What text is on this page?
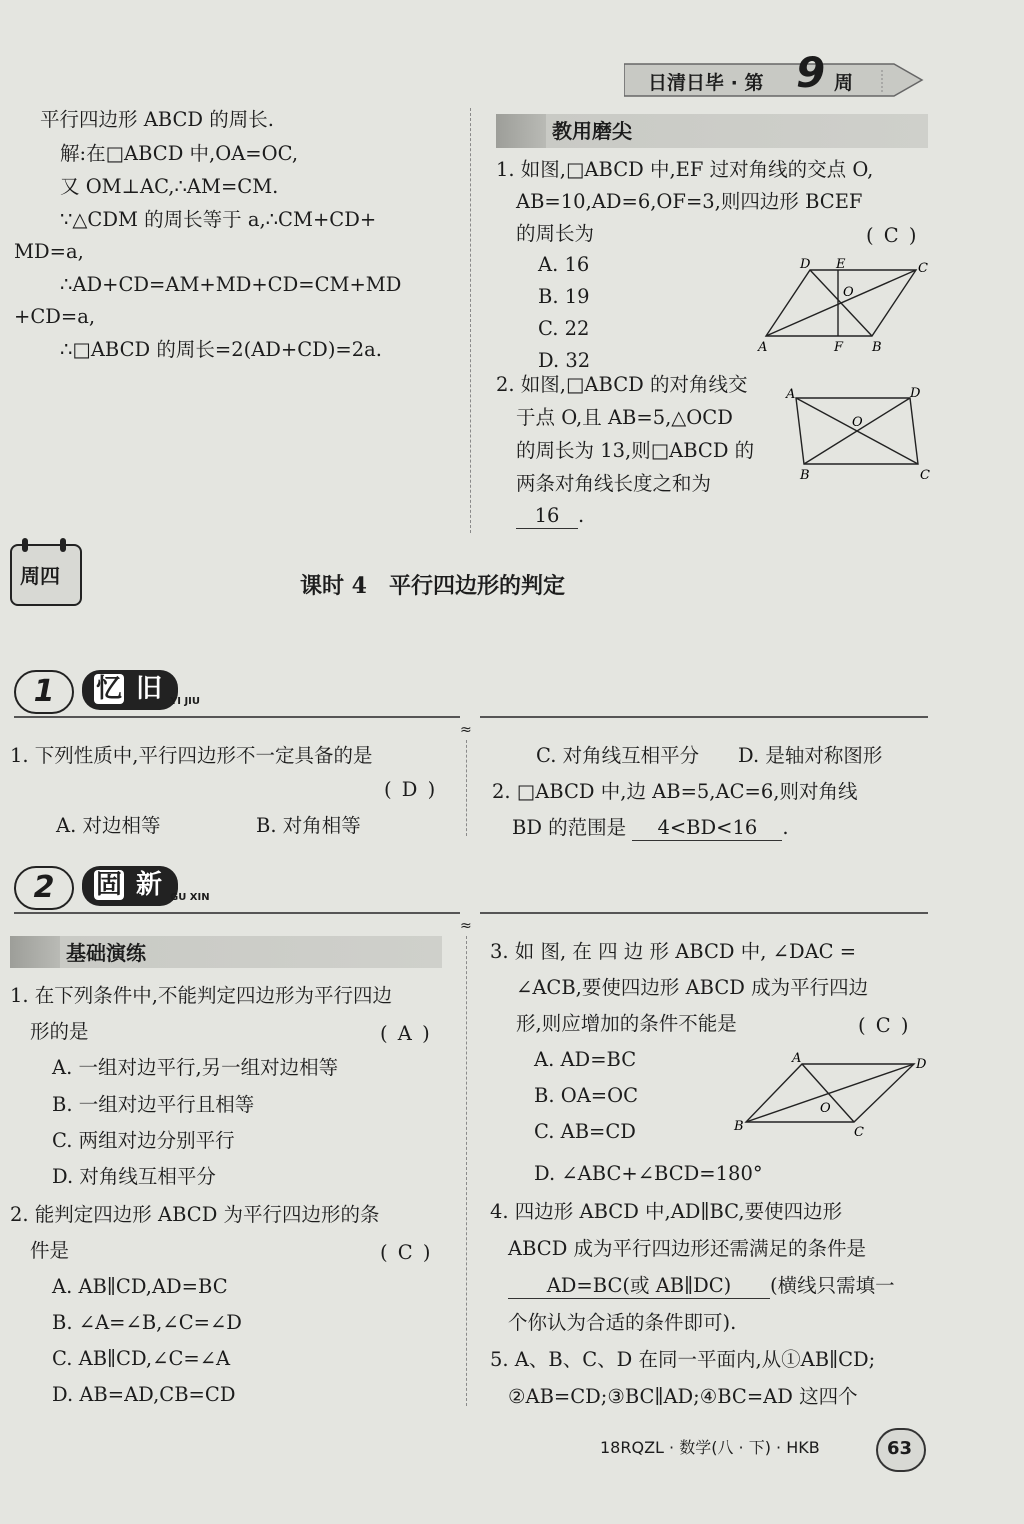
日清日毕 · 第 9 周
平行四边形 ABCD 的周长.
解:在□ABCD 中,OA=OC,
又 OM⊥AC,∴AM=CM.
∵△CDM 的周长等于 a,∴CM+CD+
MD=a,
∴AD+CD=AM+MD+CD=CM+MD
+CD=a,
∴□ABCD 的周长=2(AD+CD)=2a.
教用磨尖
1. 如图,□ABCD 中,EF 过对角线的交点 O,
AB=10,AD=6,OF=3,则四边形 BCEF
的周长为	( C )
A. 16
B. 19
C. 22
D. 32
D E	C
O
A	F B
2. 如图,□ABCD 的对角线交
于点 O,且 AB=5,△OCD
的周长为 13,则□ABCD 的
两条对角线长度之和为
16 .
A	D
O
B	C
周四	课时 4　平行四边形的判定
1	忆 旧 YI JIU
≈
1. 下列性质中,平行四边形不一定具备的是
( D )
A. 对边相等	B. 对角相等
C. 对角线互相平分 D. 是轴对称图形
2. □ABCD 中,边 AB=5,AC=6,则对角线
BD 的范围是 4<BD<16 .
2	固 新 GU XIN
≈
基础演练
1. 在下列条件中,不能判定四边形为平行四边
形的是	( A )
A. 一组对边平行,另一组对边相等
B. 一组对边平行且相等
C. 两组对边分别平行
D. 对角线互相平分
2. 能判定四边形 ABCD 为平行四边形的条
件是	( C )
A. AB∥CD,AD=BC
B. ∠A=∠B,∠C=∠D
C. AB∥CD,∠C=∠A
D. AB=AD,CB=CD
3. 如 图, 在 四 边 形 ABCD 中, ∠DAC =
∠ACB,要使四边形 ABCD 成为平行四边
形,则应增加的条件不能是	( C )
A. AD=BC
B. OA=OC
C. AB=CD
D. ∠ABC+∠BCD=180°
A	D
O
B	C
4. 四边形 ABCD 中,AD∥BC,要使四边形
ABCD 成为平行四边形还需满足的条件是
AD=BC(或 AB∥DC) (横线只需填一
个你认为合适的条件即可).
5. A、B、C、D 在同一平面内,从①AB∥CD;
②AB=CD;③BC∥AD;④BC=AD 这四个
18RQZL · 数学(八 · 下) · HKB	63
